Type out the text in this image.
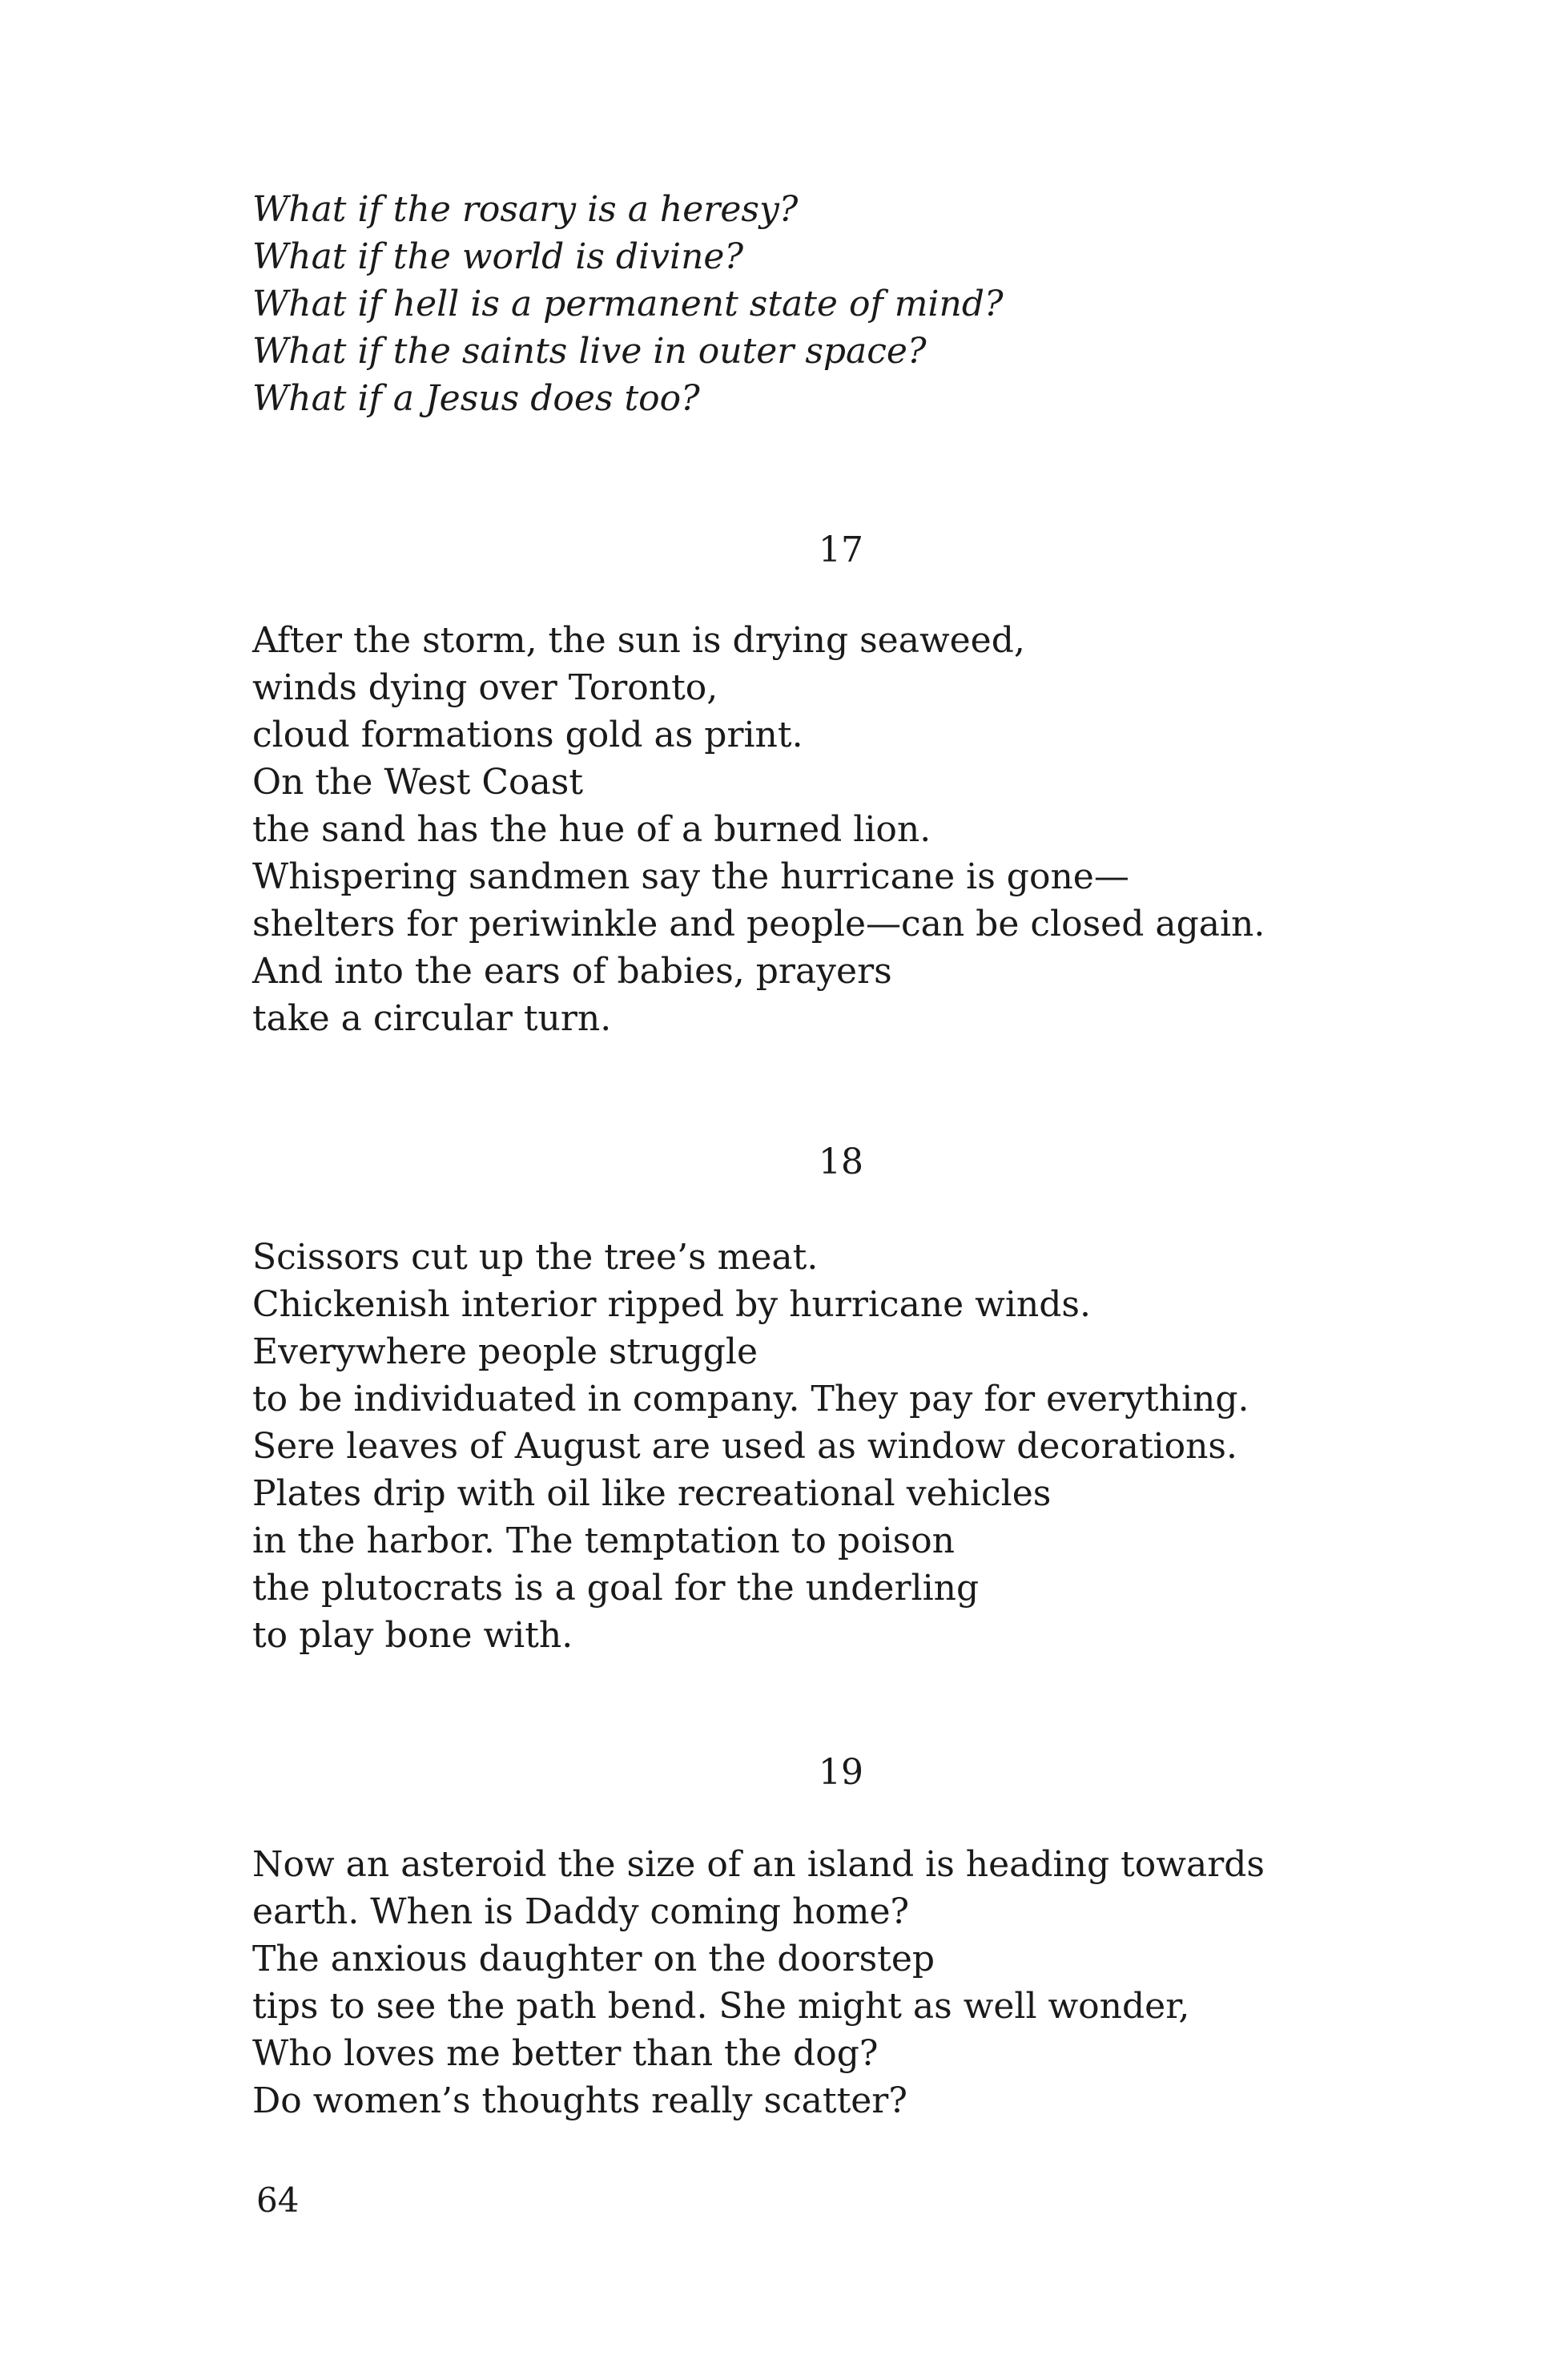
What if the rosary is a heresy?
What if the world is divine?
What if hell is a permanent state of mind?
What if the saints live in outer space?
What if a Jesus does too?

17

After the storm, the sun is drying seaweed,
winds dying over Toronto,
cloud formations gold as print.
On the West Coast
the sand has the hue of a burned lion.
Whispering sandmen say the hurricane is gone—
shelters for periwinkle and people—can be closed again.
And into the ears of babies, prayers
take a circular turn.

18

Scissors cut up the tree’s meat.
Chickenish interior ripped by hurricane winds.
Everywhere people struggle
to be individuated in company. They pay for everything.
Sere leaves of August are used as window decorations.
Plates drip with oil like recreational vehicles
in the harbor. The temptation to poison
the plutocrats is a goal for the underling
to play bone with.

19

Now an asteroid the size of an island is heading towards
earth. When is Daddy coming home?
The anxious daughter on the doorstep
tips to see the path bend. She might as well wonder,
Who loves me better than the dog?
Do women’s thoughts really scatter?

64
